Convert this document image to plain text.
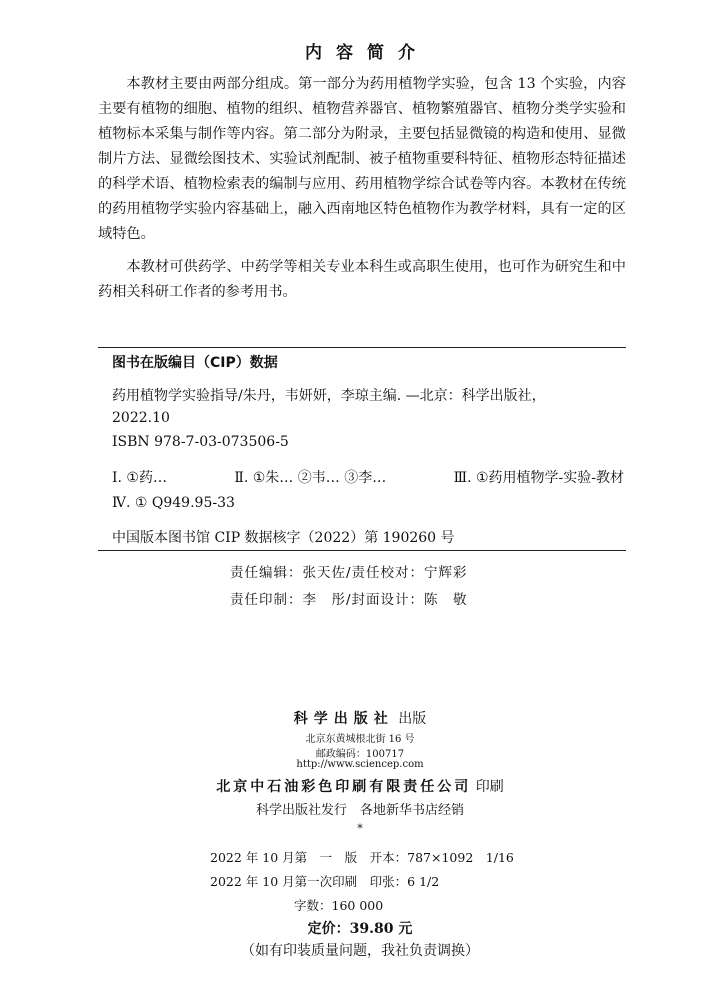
内容简介

本教材主要由两部分组成。第一部分为药用植物学实验，包含 13 个实验，内容主要有植物的细胞、植物的组织、植物营养器官、植物繁殖器官、植物分类学实验和植物标本采集与制作等内容。第二部分为附录，主要包括显微镜的构造和使用、显微制片方法、显微绘图技术、实验试剂配制、被子植物重要科特征、植物形态特征描述的科学术语、植物检索表的编制与应用、药用植物学综合试卷等内容。本教材在传统的药用植物学实验内容基础上，融入西南地区特色植物作为教学材料，具有一定的区域特色。

本教材可供药学、中药学等相关专业本科生或高职生使用，也可作为研究生和中药相关科研工作者的参考用书。

图书在版编目（CIP）数据
药用植物学实验指导/朱丹，韦妍妍，李琼主编. —北京：科学出版社，
2022.10
ISBN 978-7-03-073506-5
Ⅰ. ①药…	Ⅱ. ①朱… ②韦… ③李…	Ⅲ. ①药用植物学-实验-教材
Ⅳ. ① Q949.95-33
中国版本图书馆 CIP 数据核字（2022）第 190260 号
责任编辑：张天佐/责任校对：宁辉彩
责任印制：李　彤/封面设计：陈　敬
科学出版社 出版
北京东黄城根北街 16 号
邮政编码：100717
http://www.sciencep.com
北京中石油彩色印刷有限责任公司 印刷
科学出版社发行　各地新华书店经销
*
2022 年 10 月第　一　版　开本：787×1092　1/16
2022 年 10 月第一次印刷　印张：6 1/2
字数：160 000
定价：39.80 元
（如有印装质量问题，我社负责调换）
